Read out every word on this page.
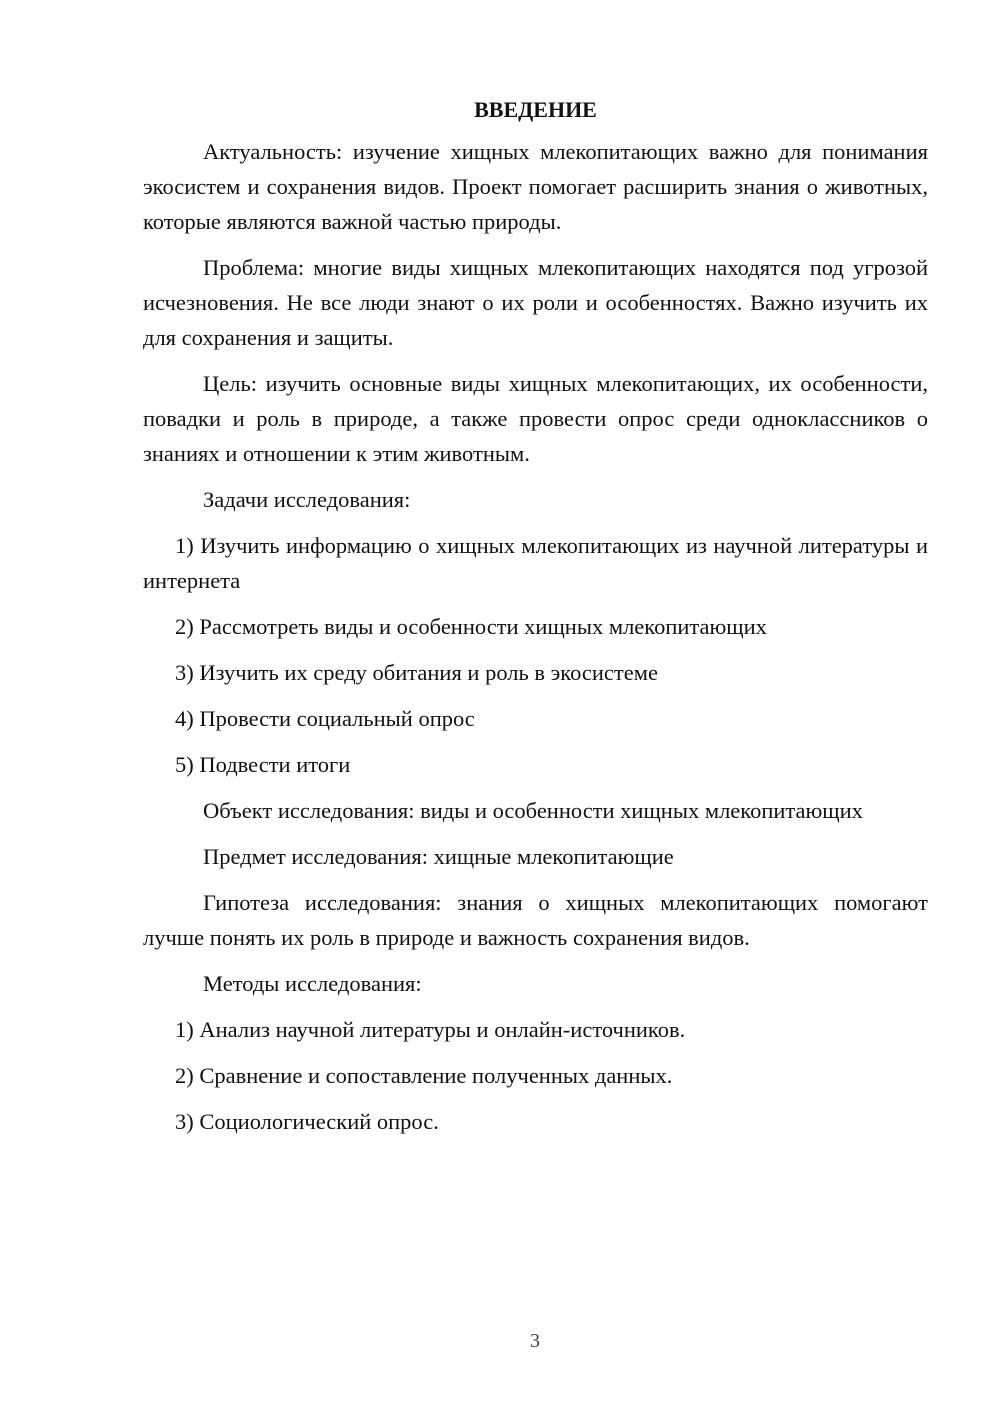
ВВЕДЕНИЕ

Актуальность: изучение хищных млекопитающих важно для понимания экосистем и сохранения видов. Проект помогает расширить знания о животных, которые являются важной частью природы.

Проблема: многие виды хищных млекопитающих находятся под угрозой исчезновения. Не все люди знают о их роли и особенностях. Важно изучить их для сохранения и защиты.

Цель: изучить основные виды хищных млекопитающих, их особенности, повадки и роль в природе, а также провести опрос среди одноклассников о знаниях и отношении к этим животным.

Задачи исследования:

1) Изучить информацию о хищных млекопитающих из научной литературы и интернета

2) Рассмотреть виды и особенности хищных млекопитающих

3) Изучить их среду обитания и роль в экосистеме

4) Провести социальный опрос

5) Подвести итоги

Объект исследования: виды и особенности хищных млекопитающих

Предмет исследования: хищные млекопитающие

Гипотеза исследования: знания о хищных млекопитающих помогают лучше понять их роль в природе и важность сохранения видов.

Методы исследования:

1) Анализ научной литературы и онлайн-источников.

2) Сравнение и сопоставление полученных данных.

3) Социологический опрос.

3
